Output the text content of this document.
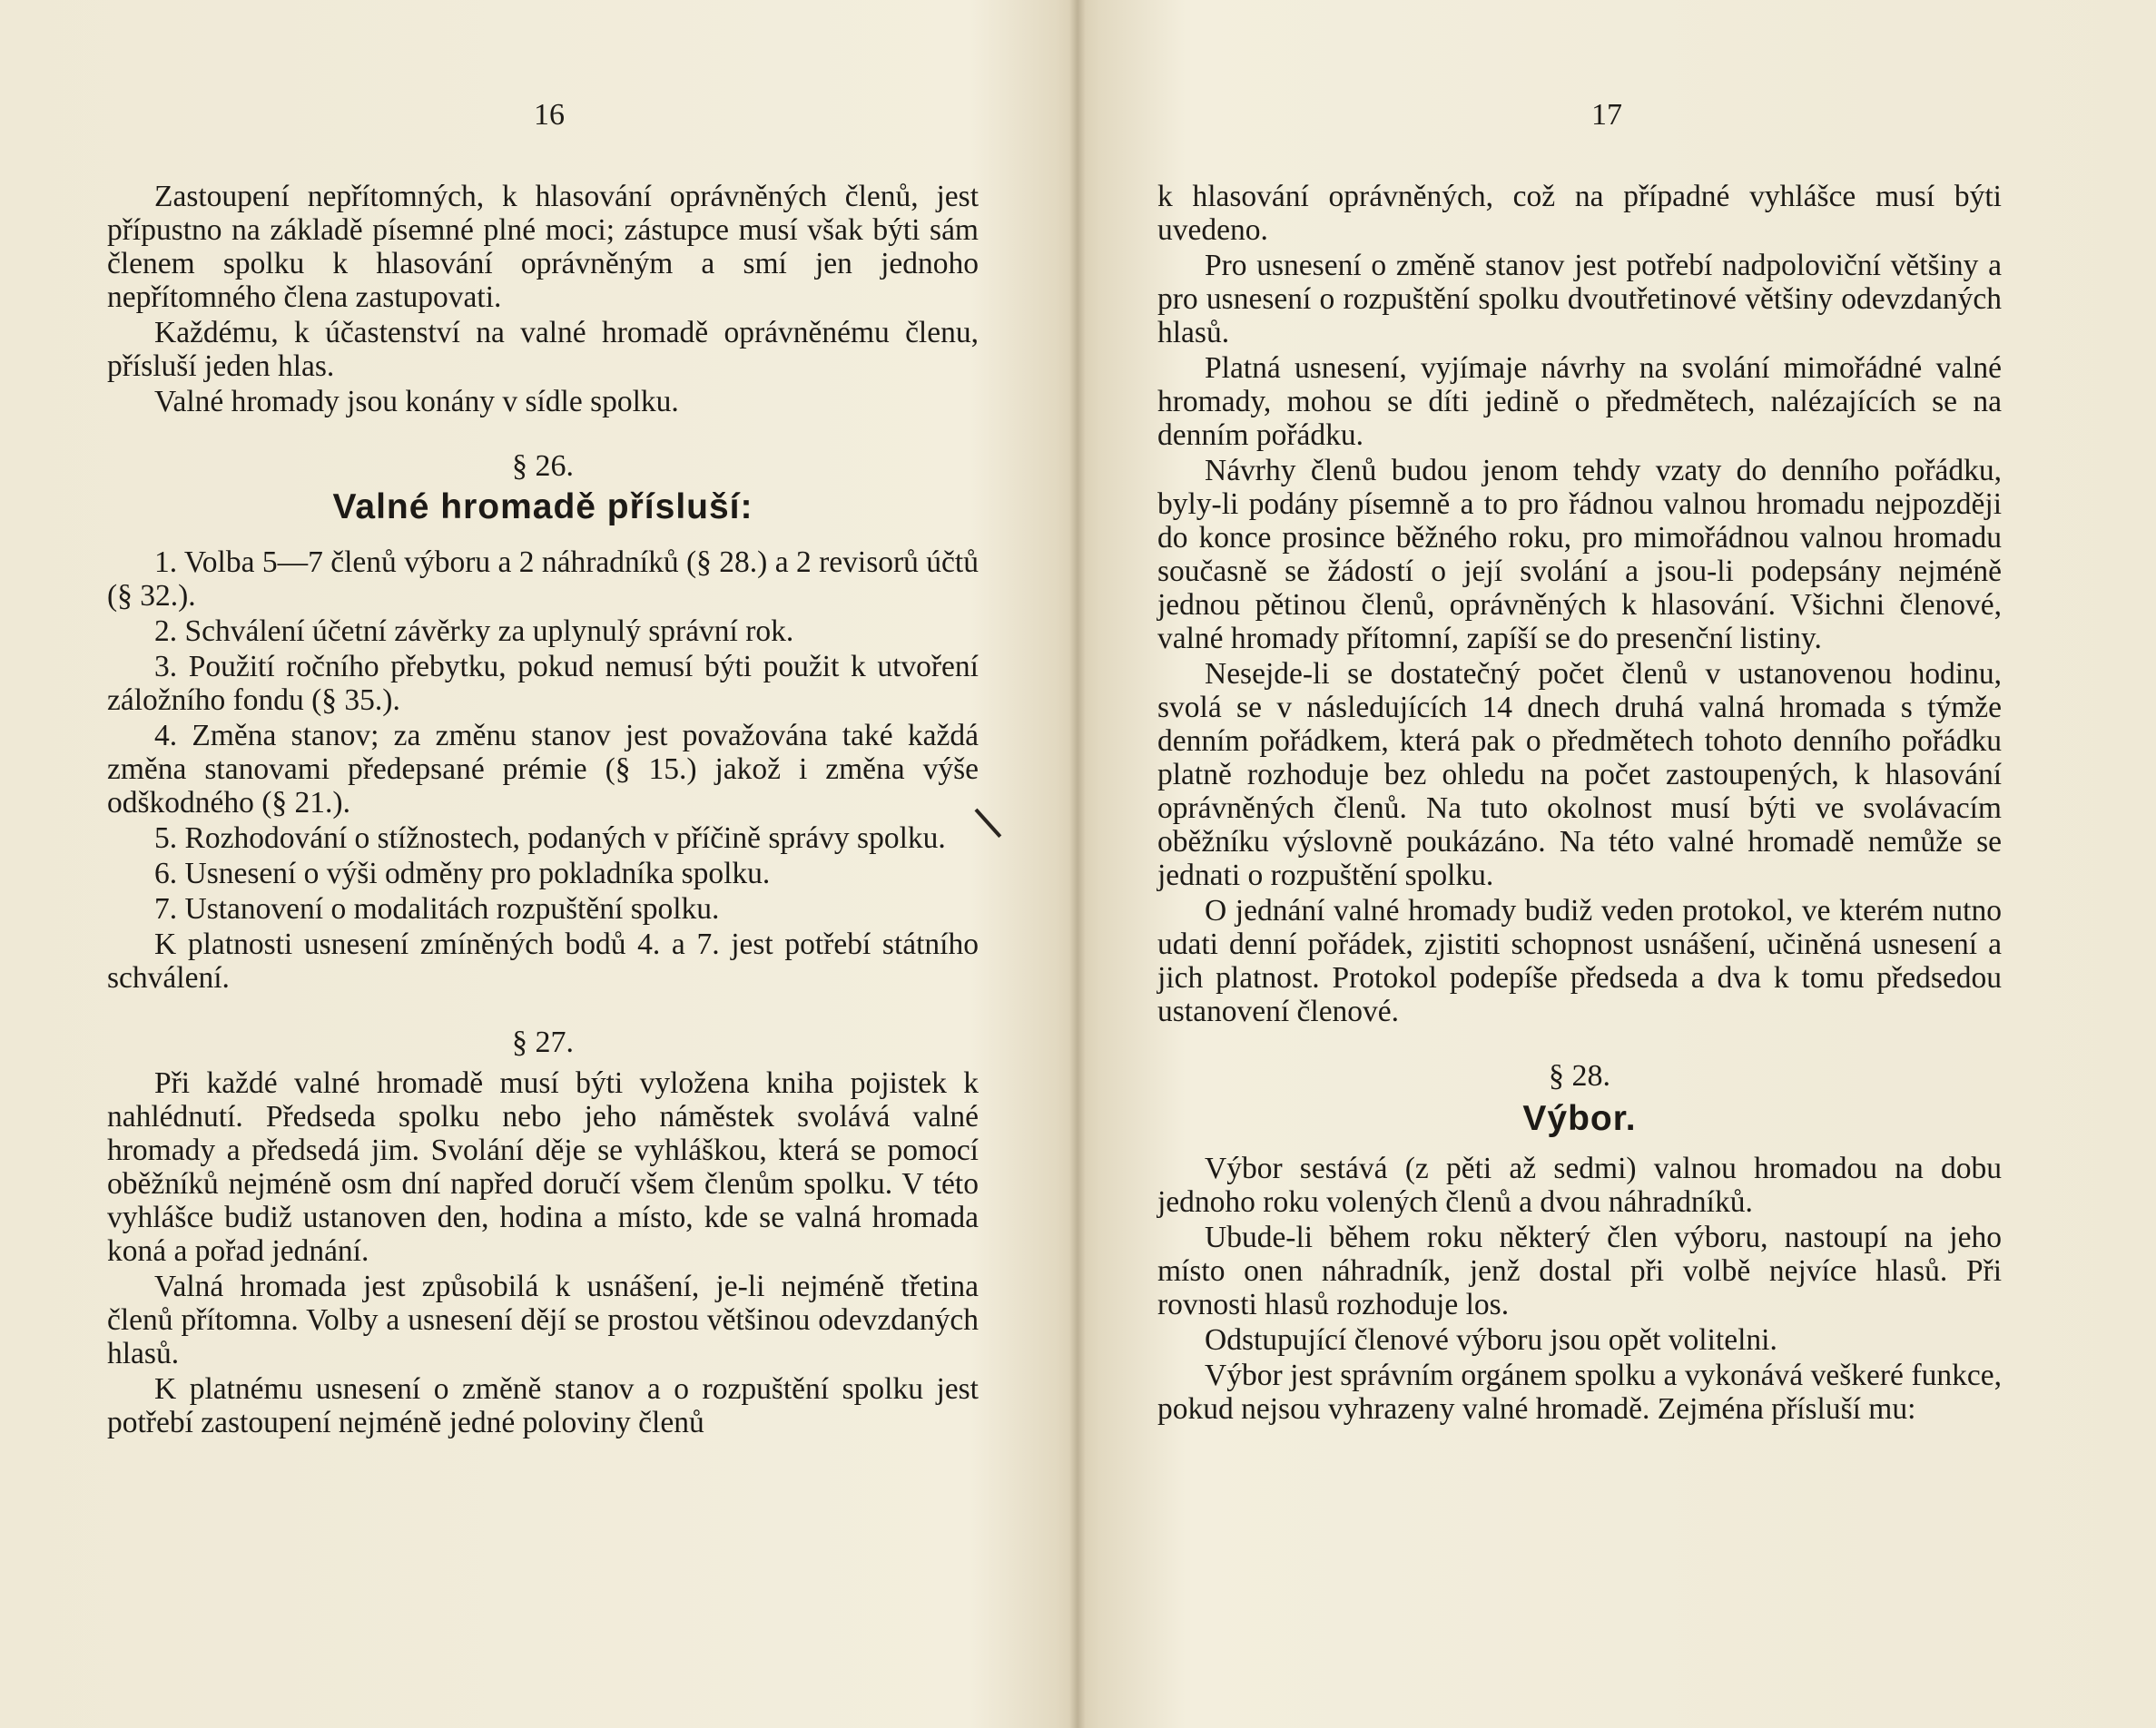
16

Zastoupení nepřítomných, k hlasování oprávněných členů, jest přípustno na základě písemné plné moci; zástupce musí však býti sám členem spolku k hlasování oprávněným a smí jen jednoho nepřítomného člena zastupovati.

Každému, k účastenství na valné hromadě oprávněnému členu, přísluší jeden hlas.

Valné hromady jsou konány v sídle spolku.

§ 26.
Valné hromadě přísluší:

1. Volba 5—7 členů výboru a 2 náhradníků (§ 28.) a 2 revisorů účtů (§ 32.).

2. Schválení účetní závěrky za uplynulý správní rok.

3. Použití ročního přebytku, pokud nemusí býti použit k utvoření záložního fondu (§ 35.).

4. Změna stanov; za změnu stanov jest považována také každá změna stanovami předepsané prémie (§ 15.) jakož i změna výše odškodného (§ 21.).

5. Rozhodování o stížnostech, podaných v příčině správy spolku.

6. Usnesení o výši odměny pro pokladníka spolku.

7. Ustanovení o modalitách rozpuštění spolku.

K platnosti usnesení zmíněných bodů 4. a 7. jest potřebí státního schválení.

§ 27.

Při každé valné hromadě musí býti vyložena kniha pojistek k nahlédnutí. Předseda spolku nebo jeho náměstek svolává valné hromady a předsedá jim. Svolání děje se vyhláškou, která se pomocí oběžníků nejméně osm dní napřed doručí všem členům spolku. V této vyhlášce budiž ustanoven den, hodina a místo, kde se valná hromada koná a pořad jednání.

Valná hromada jest způsobilá k usnášení, je-li nejméně třetina členů přítomna. Volby a usnesení dějí se prostou většinou odevzdaných hlasů.

K platnému usnesení o změně stanov a o rozpuštění spolku jest potřebí zastoupení nejméně jedné poloviny členů

17

k hlasování oprávněných, což na případné vyhlášce musí býti uvedeno.

Pro usnesení o změně stanov jest potřebí nadpoloviční většiny a pro usnesení o rozpuštění spolku dvoutřetinové většiny odevzdaných hlasů.

Platná usnesení, vyjímaje návrhy na svolání mimořádné valné hromady, mohou se díti jedině o předmětech, nalézajících se na denním pořádku.

Návrhy členů budou jenom tehdy vzaty do denního pořádku, byly-li podány písemně a to pro řádnou valnou hromadu nejpozději do konce prosince běžného roku, pro mimořádnou valnou hromadu současně se žádostí o její svolání a jsou-li podepsány nejméně jednou pětinou členů, oprávněných k hlasování. Všichni členové, valné hromady přítomní, zapíší se do presenční listiny.

Nesejde-li se dostatečný počet členů v ustanovenou hodinu, svolá se v následujících 14 dnech druhá valná hromada s týmže denním pořádkem, která pak o předmětech tohoto denního pořádku platně rozhoduje bez ohledu na počet zastoupených, k hlasování oprávněných členů. Na tuto okolnost musí býti ve svolávacím oběžníku výslovně poukázáno. Na této valné hromadě nemůže se jednati o rozpuštění spolku.

O jednání valné hromady budiž veden protokol, ve kterém nutno udati denní pořádek, zjistiti schopnost usnášení, učiněná usnesení a jich platnost. Protokol podepíše předseda a dva k tomu předsedou ustanovení členové.

§ 28.
Výbor.

Výbor sestává (z pěti až sedmi) valnou hromadou na dobu jednoho roku volených členů a dvou náhradníků.

Ubude-li během roku některý člen výboru, nastoupí na jeho místo onen náhradník, jenž dostal při volbě nejvíce hlasů. Při rovnosti hlasů rozhoduje los.

Odstupující členové výboru jsou opět volitelni.

Výbor jest správním orgánem spolku a vykonává veškeré funkce, pokud nejsou vyhrazeny valné hromadě. Zejména přísluší mu:
